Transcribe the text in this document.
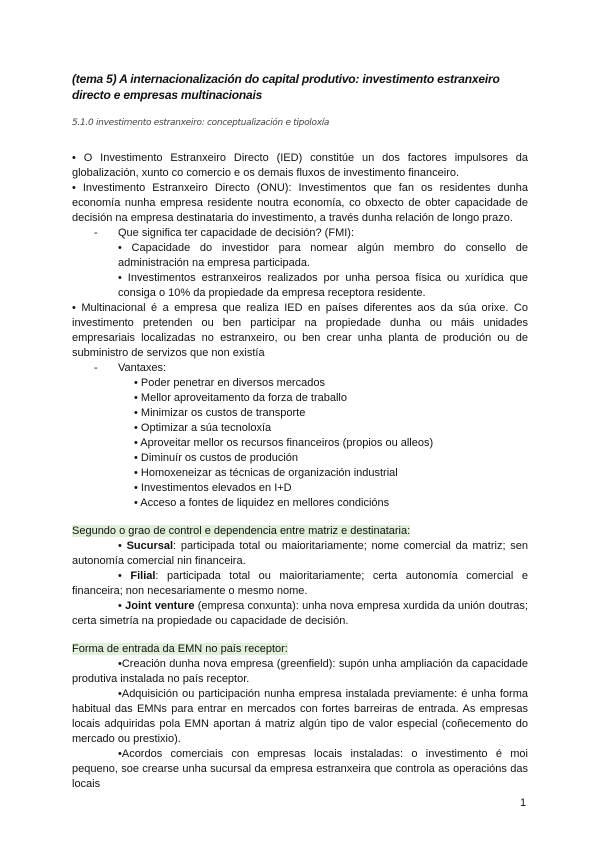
(tema 5) A internacionalización do capital produtivo: investimento estranxeiro directo e empresas multinacionais
5.1.0 investimento estranxeiro: conceptualización e tipoloxía

• O Investimento Estranxeiro Directo (IED) constitúe un dos factores impulsores da globalización, xunto co comercio e os demais fluxos de investimento financeiro.

• Investimento Estranxeiro Directo (ONU): Investimentos que fan os residentes dunha economía nunha empresa residente noutra economía, co obxecto de obter capacidade de decisión na empresa destinataria do investimento, a través dunha relación de longo prazo.

- Que significa ter capacidade de decisión? (FMI):

• Capacidade do investidor para nomear algún membro do consello de administración na empresa participada.

• Investimentos estranxeiros realizados por unha persoa física ou xurídica que consiga o 10% da propiedade da empresa receptora residente.

• Multinacional é a empresa que realiza IED en países diferentes aos da súa orixe. Co investimento pretenden ou ben participar na propiedade dunha ou máis unidades empresariais localizadas no estranxeiro, ou ben crear unha planta de produción ou de subministro de servizos que non existía

- Vantaxes:

• Poder penetrar en diversos mercados
• Mellor aproveitamento da forza de traballo
• Minimizar os custos de transporte
• Optimizar a súa tecnoloxía
• Aproveitar mellor os recursos financeiros (propios ou alleos)
• Diminuír os custos de produción
• Homoxeneizar as técnicas de organización industrial
• Investimentos elevados en I+D
• Acceso a fontes de liquidez en mellores condicións

Segundo o grao de control e dependencia entre matriz e destinataria:

• Sucursal: participada total ou maioritariamente; nome comercial da matriz; sen autonomía comercial nin financeira.

• Filial: participada total ou maioritariamente; certa autonomía comercial e financeira; non necesariamente o mesmo nome.

• Joint venture (empresa conxunta): unha nova empresa xurdida da unión doutras; certa simetría na propiedade ou capacidade de decisión.

Forma de entrada da EMN no país receptor:

•Creación dunha nova empresa (greenfield): supón unha ampliación da capacidade produtiva instalada no país receptor.

•Adquisición ou participación nunha empresa instalada previamente: é unha forma habitual das EMNs para entrar en mercados con fortes barreiras de entrada. As empresas locais adquiridas pola EMN aportan á matriz algún tipo de valor especial (coñecemento do mercado ou prestixio).

•Acordos comerciais con empresas locais instaladas: o investimento é moi pequeno, soe crearse unha sucursal da empresa estranxeira que controla as operacións das locais

1
